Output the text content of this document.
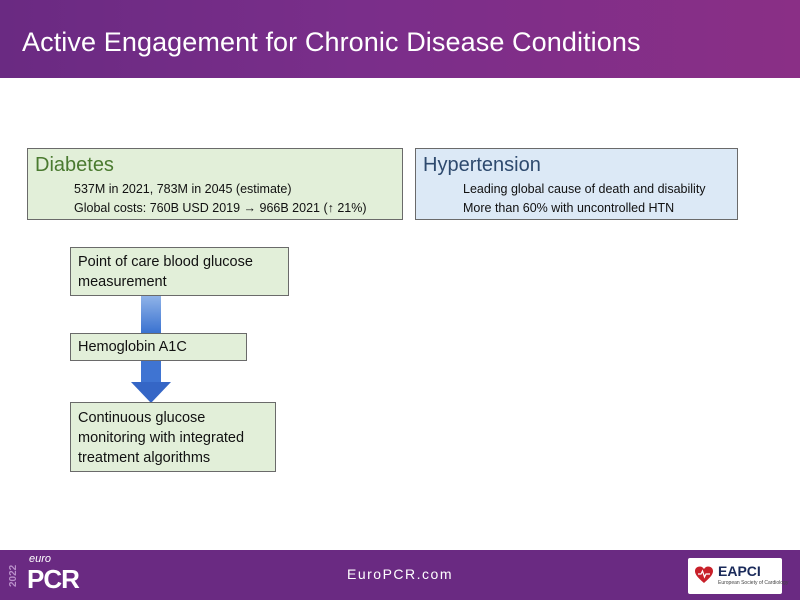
Active Engagement for Chronic Disease Conditions
Diabetes
537M in 2021, 783M in 2045 (estimate)
Global costs: 760B USD 2019 → 966B 2021 (↑ 21%)
Hypertension
Leading global cause of death and disability
More than 60% with uncontrolled HTN
Point of care blood glucose measurement
Hemoglobin A1C
Continuous glucose monitoring with integrated treatment algorithms
2022
euro
PCR	EuroPCR.com	EAPCI
European Society of Cardiology
